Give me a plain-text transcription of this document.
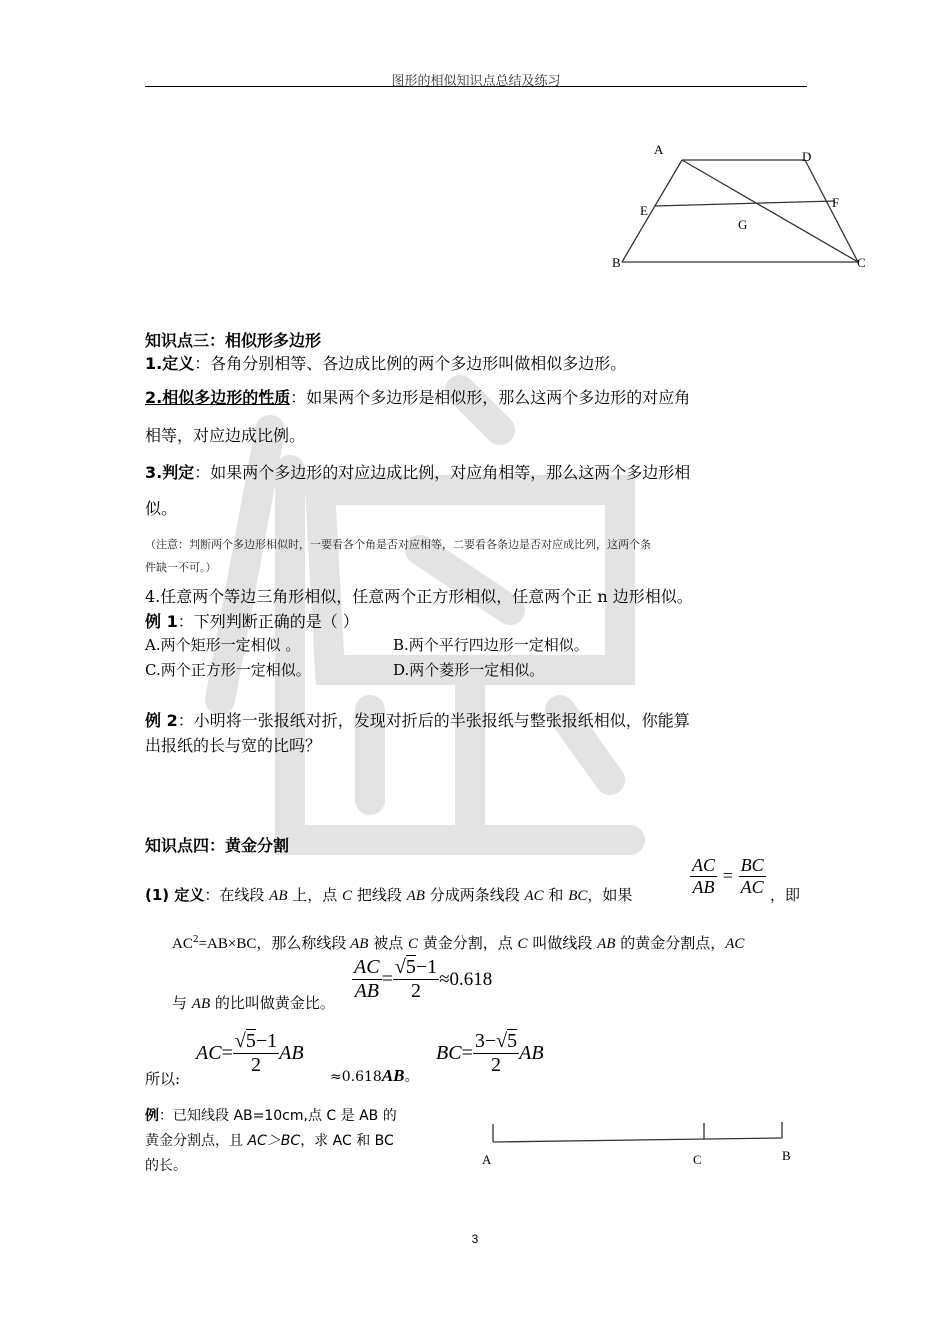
图形的相似知识点总结及练习
A	D
E
F
G
B	C
知识点三：相似形多边形
1.定义：各角分别相等、各边成比例的两个多边形叫做相似多边形。
2.相似多边形的性质：如果两个多边形是相似形，那么这两个多边形的对应角
相等，对应边成比例。
3.判定：如果两个多边形的对应边成比例，对应角相等，那么这两个多边形相
似。
（注意：判断两个多边形相似时，一要看各个角是否对应相等，二要看各条边是否对应成比列，这两个条
件缺一不可。）
4.任意两个等边三角形相似，任意两个正方形相似，任意两个正 n 边形相似。
例 1：下列判断正确的是（ ）
A.两个矩形一定相似 。	B.两个平行四边形一定相似。
C.两个正方形一定相似。	D.两个菱形一定相似。
例 2：小明将一张报纸对折，发现对折后的半张报纸与整张报纸相似，你能算
出报纸的长与宽的比吗？
知识点四：黄金分割
$\frac{AC}{AB} = \frac{BC}{AC}$
(1) 定义：在线段 AB 上，点 C 把线段 AB 分成两条线段 AC 和 BC，如果	，即
$AC^2=AB\times BC$，那么称线段 AB 被点 C 黄金分割，点 C 叫做线段 AB 的黄金分割点，AC
与 AB 的比叫做黄金比。 $\frac{AC}{AB} = \frac{√5-1}{2} \approx 0.618$
所以:
$AC= \frac{√5-1}{2}$ AB
≈0.618AB。
$BC= \frac{3-√5}{2}$ AB
例：已知线段 AB=10cm,点 C 是 AB 的
黄金分割点，且 AC＞BC，求 AC 和 BC
的长。	A	C	B
3
